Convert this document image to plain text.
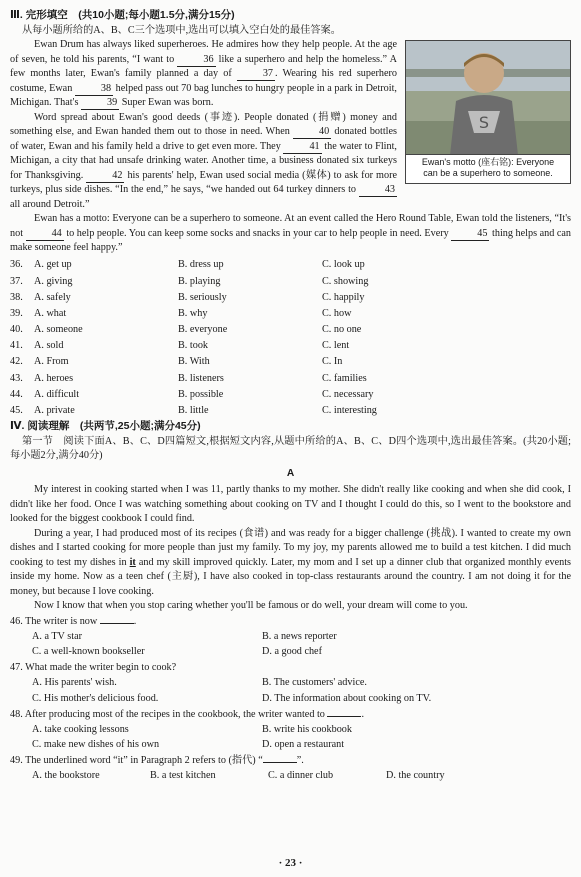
Ⅲ. 完形填空　(共10小题;每小题1.5分,满分15分)

从每小题所给的A、B、C三个选项中,选出可以填入空白处的最佳答案。

S
Ewan's motto (座右铭): Everyone
can be a superhero to someone.

Ewan Drum has always liked superheroes. He admires how they help people. At the age of seven, he told his parents, “I want to	36 like a superhero and help the homeless.” A few months later, Ewan's family planned a day of	37 . Wearing his red superhero costume, Ewan	38 helped pass out 70 bag lunches to hungry people in a park in Detroit, Michigan. That's	39 Super Ewan was born.

Word spread about Ewan's good deeds (事迹). People donated (捐赠) money and something else, and Ewan handed them out to those in need. When	40 donated bottles of water, Ewan and his family held a drive to get even more. They	41 the water to Flint, Michigan, a city that had unsafe drinking water. Another time, a business donated six turkeys for Thanksgiving.	42 his parents' help, Ewan used social media (媒体) to ask for more turkeys, plus side dishes. “In the end,” he says, “we handed out 64 turkey dinners to	43 all around Detroit.”

Ewan has a motto: Everyone can be a superhero to someone. At an event called the Hero Round Table, Ewan told the listeners, “It's not	44 to help people. You can keep some socks and snacks in your car to help people in need. Every	45 thing helps and can make someone feel happy.”

36.	A. get up	B. dress up	C. look up
37.	A. giving	B. playing	C. showing
38.	A. safely	B. seriously	C. happily
39.	A. what	B. why	C. how
40.	A. someone	B. everyone	C. no one
41.	A. sold	B. took	C. lent
42.	A. From	B. With	C. In
43.	A. heroes	B. listeners	C. families
44.	A. difficult	B. possible	C. necessary
45.	A. private	B. little	C. interesting
Ⅳ. 阅读理解　(共两节,25小题;满分45分)

第一节　阅读下面A、B、C、D四篇短文,根据短文内容,从题中所给的A、B、C、D四个选项中,选出最佳答案。(共20小题;每小题2分,满分40分)

A

My interest in cooking started when I was 11, partly thanks to my mother. She didn't really like cooking and when she did cook, I didn't like her food. Once I was watching something about cooking on TV and I thought I could do this, so I went to the bookstore and looked for the biggest cookbook I could find.

During a year, I had produced most of its recipes (食谱) and was ready for a bigger challenge (挑战). I wanted to create my own dishes and I started cooking for more people than just my family. To my joy, my parents allowed me to build a test kitchen. I did much cooking to test my dishes in it and my skill improved quickly. Later, my mom and I set up a dinner club that organized monthly events inside my home. Now as a teen chef (主厨), I have also cooked in top-class restaurants around the country. I am not doing it for the money, but because I love cooking.

Now I know that when you stop caring whether you'll be famous or do well, your dream will come to you.

46. The writer is now	.
A. a TV star	B. a news reporter
C. a well-known bookseller	D. a good chef
47. What made the writer begin to cook?
A. His parents' wish.	B. The customers' advice.
C. His mother's delicious food.	D. The information about cooking on TV.
48. After producing most of the recipes in the cookbook, the writer wanted to	.
A. take cooking lessons	B. write his cookbook
C. make new dishes of his own	D. open a restaurant
49. The underlined word “it” in Paragraph 2 refers to (指代) “	”.
A. the bookstore	B. a test kitchen	C. a dinner club	D. the country
· 23 ·
